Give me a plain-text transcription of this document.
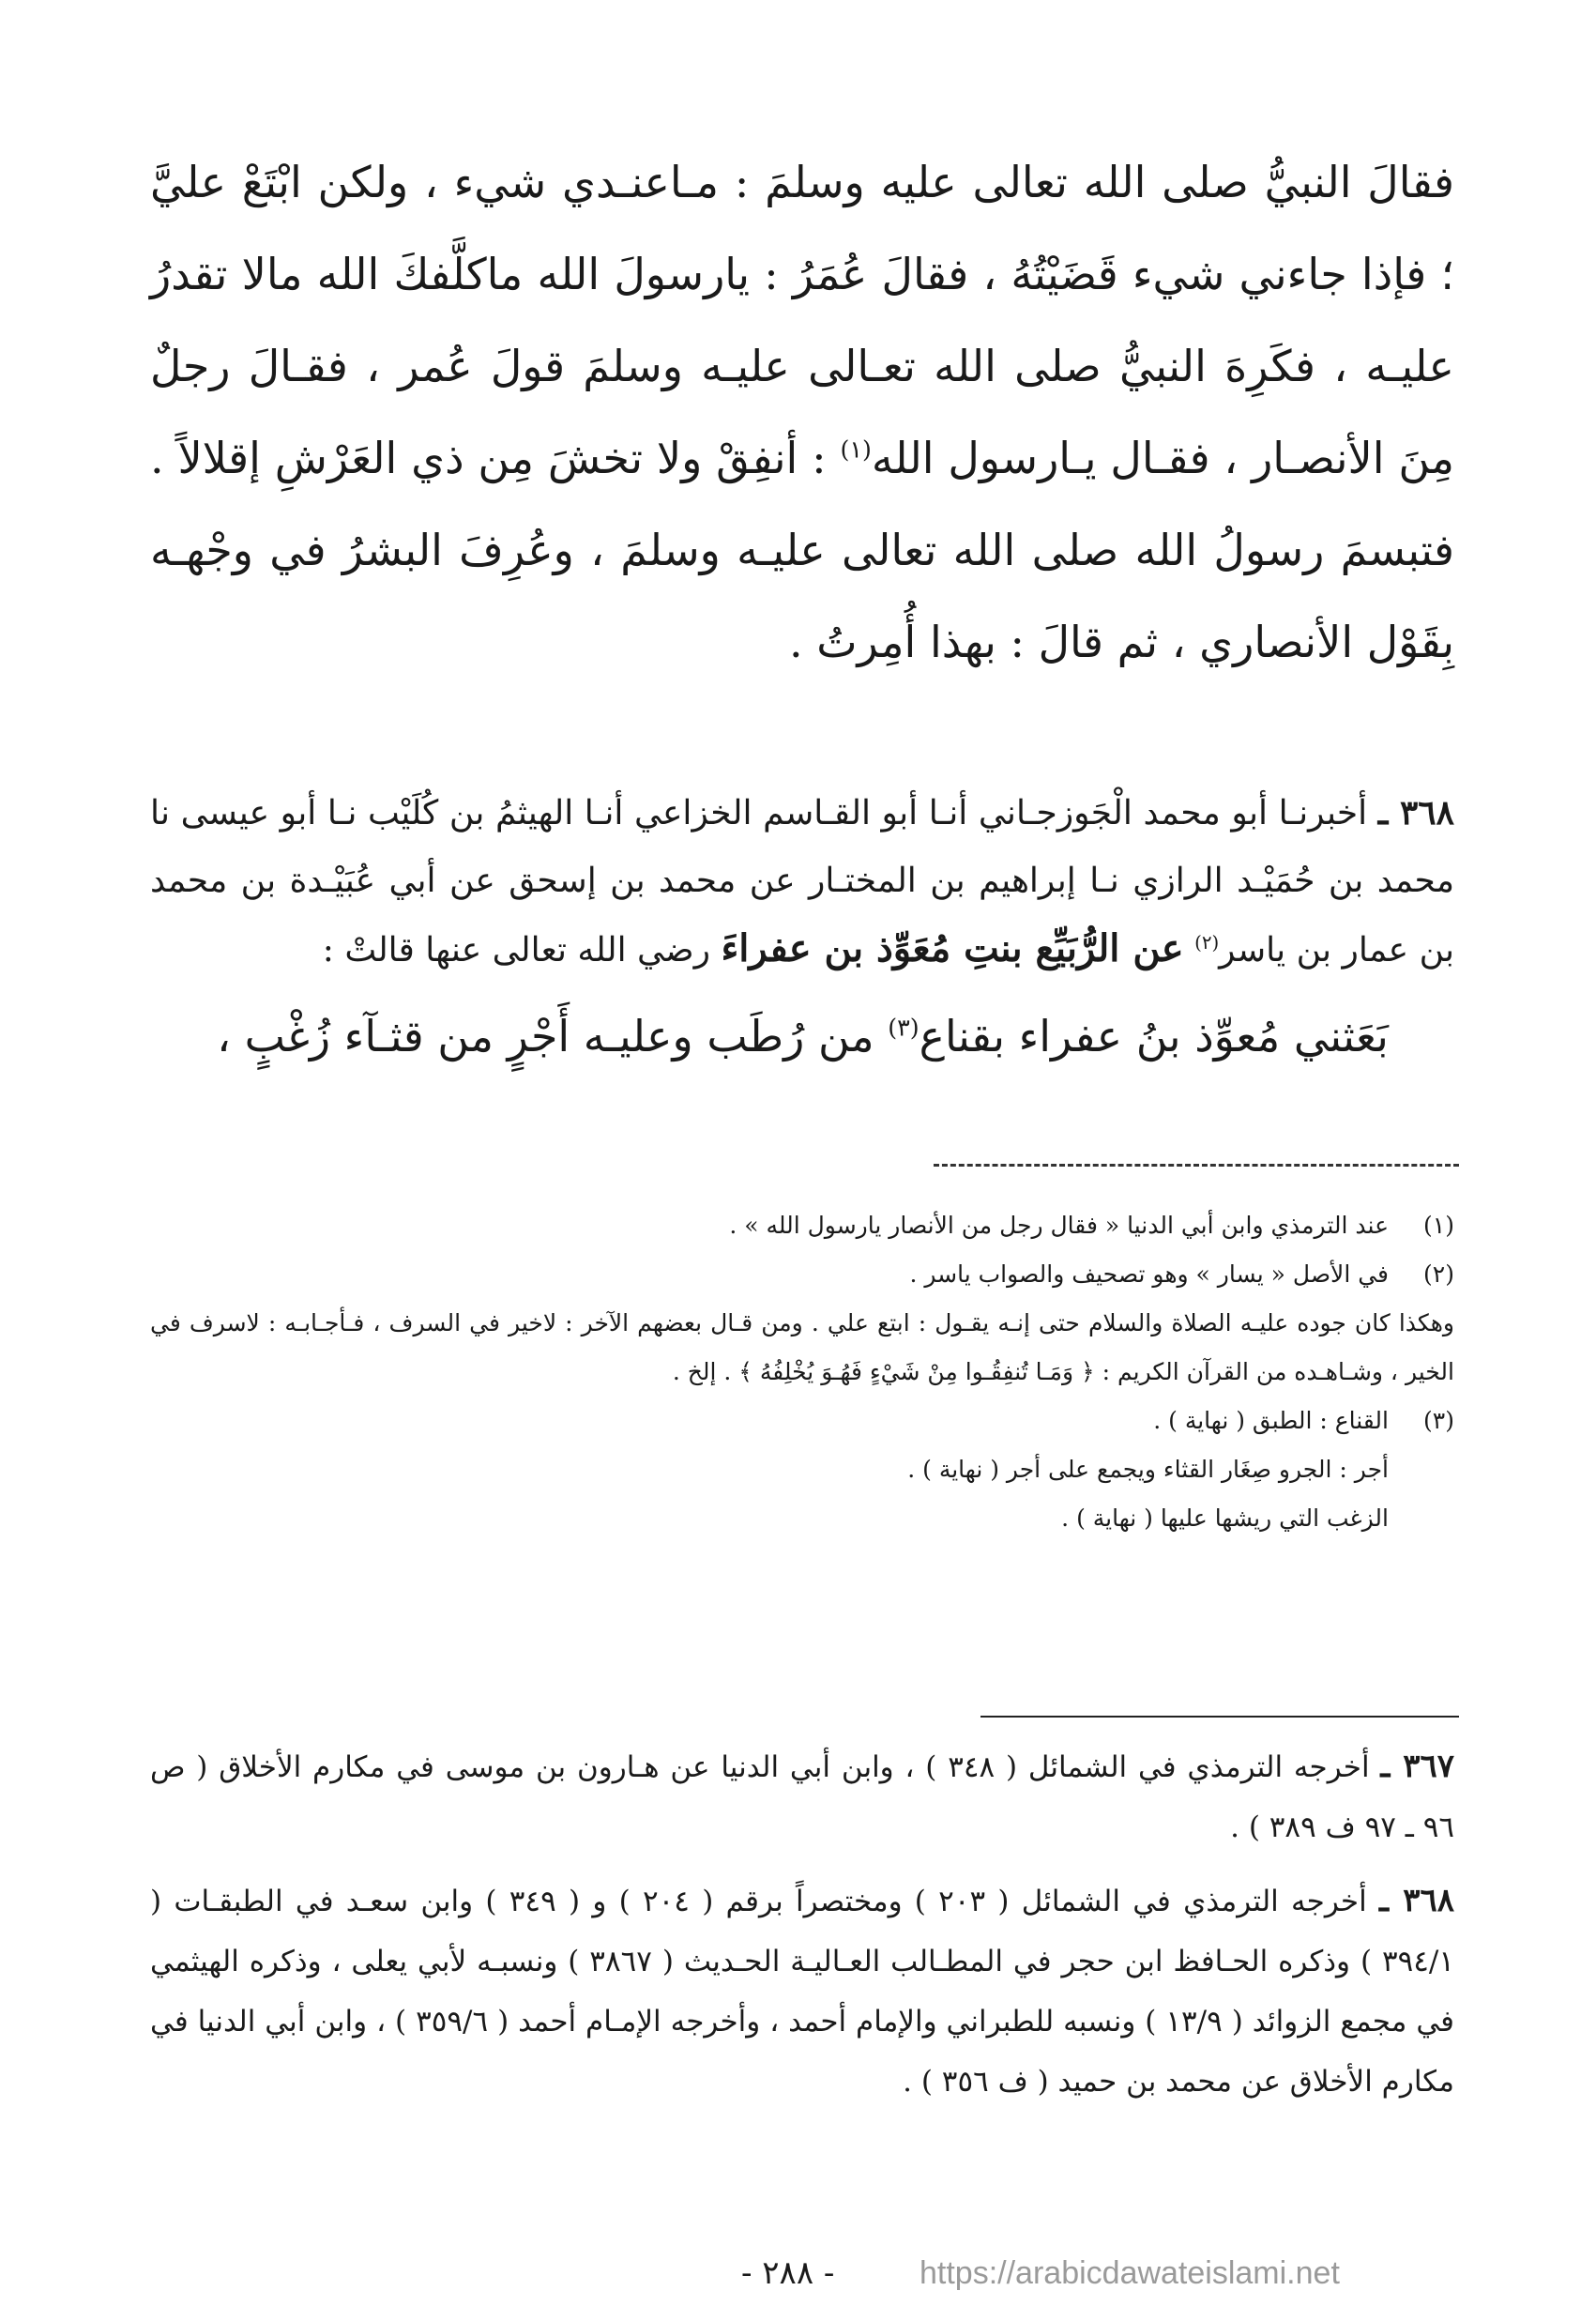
فقالَ النبيُّ صلى الله تعالى عليه وسلمَ : مـاعنـدي شيء ، ولكن ابْتَعْ عليَّ ؛ فإذا جاءني شيء قَضَيْتُهُ ، فقالَ عُمَرُ : يارسولَ الله ماكلَّفكَ الله مالا تقدرُ عليـه ، فكَرِهَ النبيُّ صلى الله تعـالى عليـه وسلمَ قولَ عُمر ، فقـالَ رجلٌ مِنَ الأنصـار ، فقـال يـارسول الله$^{(١)}$ : أنفِقْ ولا تخشَ مِن ذي العَرْشِ إقلالاً . فتبسمَ رسولُ الله صلى الله تعالى عليـه وسلمَ ، وعُرِفَ البشرُ في وجْهـه بِقَوْل الأنصاري ، ثم قالَ : بهذا أُمِرتُ .

٣٦٨ ـ أخبرنـا أبو محمد الْجَوزجـاني أنـا أبو القـاسم الخزاعي أنـا الهيثمُ بن كُلَيْب نـا أبو عيسى نا محمد بن حُمَيْـد الرازي نـا إبراهيم بن المختـار عن محمد بن إسحق عن أبي عُبَيْـدة بن محمد بن عمار بن ياسر$^{(٢)}$ عن الرُّبَيِّع بنتِ مُعَوِّذ بن عفراءَ رضي الله تعالى عنها قالتْ :

بَعَثني مُعوِّذ بنُ عفراء بقناع$^{(٣)}$ من رُطَب وعليـه أَجْرٍ من قثـآء زُغْبٍ ،

(١)
عند الترمذي وابن أبي الدنيا « فقال رجل من الأنصار يارسول الله » .
(٢)
في الأصل « يسار » وهو تصحيف والصواب ياسر .
وهكذا كان جوده عليـه الصلاة والسلام حتى إنـه يقـول : ابتع علي . ومن قـال بعضهم الآخر : لاخير في السرف ، فـأجـابـه : لاسرف في الخير ، وشـاهـده من القرآن الكريم : ﴿ وَمَـا تُنفِقُـوا مِنْ شَيْءٍ فَهُـوَ يُخْلِفُهُ ﴾ . إلخ .
(٣)
القناع : الطبق ( نهاية ) .
أجر : الجرو صِغَار القثاء ويجمع على أجر ( نهاية ) .
الزغب التي ريشها عليها ( نهاية ) .

٣٦٧ ـ أخرجه الترمذي في الشمائل ( ٣٤٨ ) ، وابن أبي الدنيا عن هـارون بن موسى في مكارم الأخلاق ( ص ٩٦ ـ ٩٧ ف ٣٨٩ ) .

٣٦٨ ـ أخرجه الترمذي في الشمائل ( ٢٠٣ ) ومختصراً برقم ( ٢٠٤ ) و ( ٣٤٩ ) وابن سعـد في الطبقـات ( ٣٩٤/١ ) وذكره الحـافظ ابن حجر في المطـالب العـاليـة الحـديث ( ٣٨٦٧ ) ونسبـه لأبي يعلى ، وذكره الهيثمي في مجمع الزوائد ( ١٣/٩ ) ونسبه للطبراني والإمام أحمد ، وأخرجه الإمـام أحمد ( ٣٥٩/٦ ) ، وابن أبي الدنيا في مكارم الأخلاق عن محمد بن حميد ( ف ٣٥٦ ) .

- ٢٨٨ -	https://arabicdawateislami.net
